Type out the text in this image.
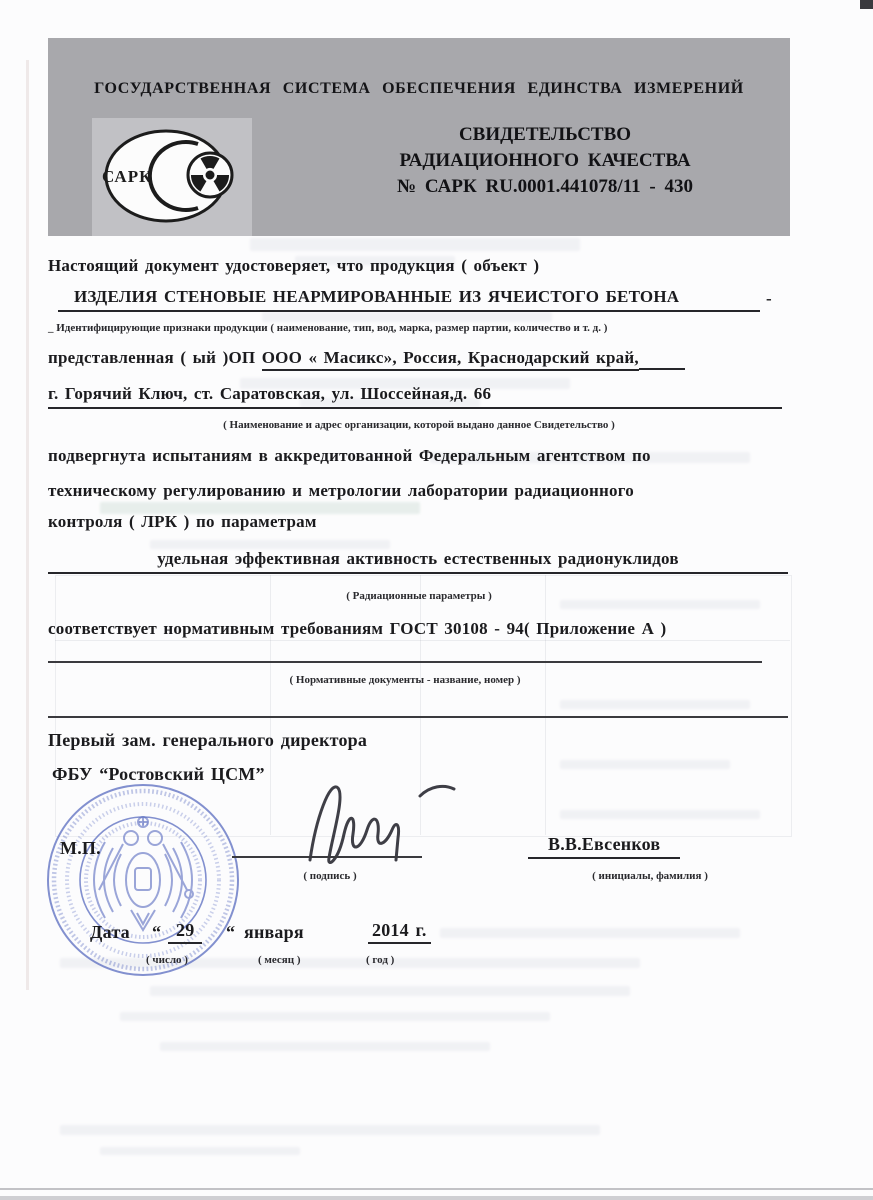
ГОСУДАРСТВЕННАЯ СИСТЕМА ОБЕСПЕЧЕНИЯ ЕДИНСТВА ИЗМЕРЕНИЙ
САРК
СВИДЕТЕЛЬСТВО
РАДИАЦИОННОГО КАЧЕСТВА
№ САРК RU.0001.441078/11 - 430
Настоящий документ удостоверяет, что продукция ( объект )
ИЗДЕЛИЯ СТЕНОВЫЕ НЕАРМИРОВАННЫЕ ИЗ ЯЧЕИСТОГО БЕТОНА	-
_ Идентифицирующие признаки продукции ( наименование, тип, вод, марка, размер партии, количество и т. д. )
представленная ( ый )ОП ООО « Масикс», Россия, Краснодарский край,
г. Горячий Ключ, ст. Саратовская, ул. Шоссейная,д. 66
( Наименование и адрес организации, которой выдано данное Свидетельство )
подвергнута испытаниям в аккредитованной Федеральным агентством по
техническому регулированию и метрологии лаборатории радиационного
контроля ( ЛРК ) по параметрам
удельная эффективная активность естественных радионуклидов
( Радиационные параметры )
соответствует нормативным требованиям ГОСТ 30108 - 94( Приложение А )
( Нормативные документы - название, номер )
Первый зам. генерального директора
ФБУ “Ростовский ЦСМ”
М.П.	В.В.Евсенков
( подпись )	( инициалы, фамилия )
Дата “ 29	“ января	2014 г.
( число )	( месяц )	( год )
